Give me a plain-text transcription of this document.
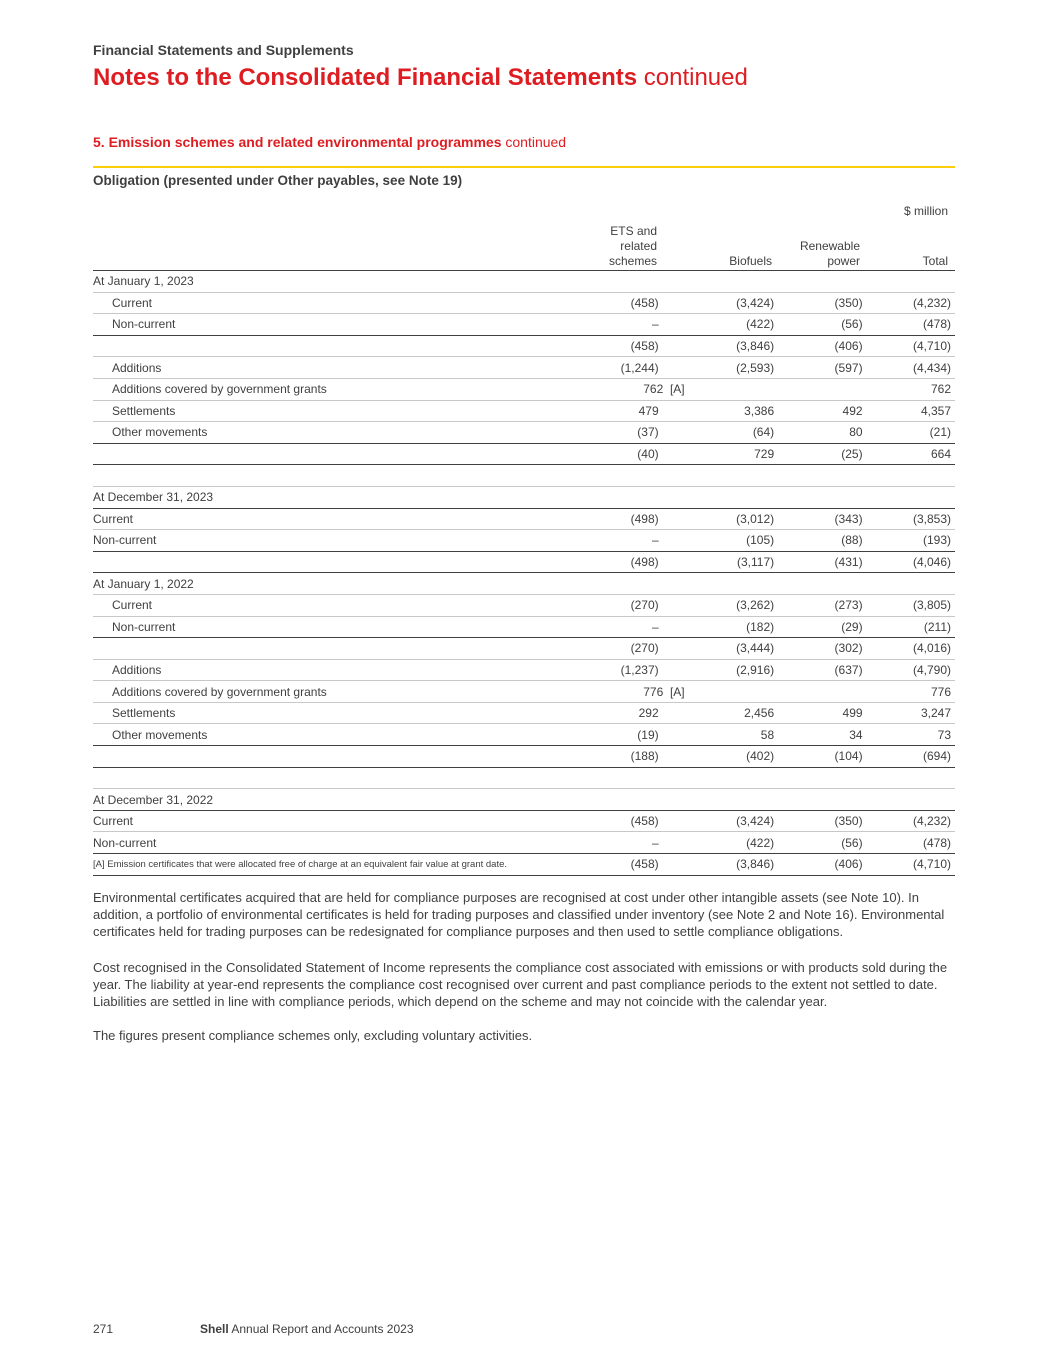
Financial Statements and Supplements
Notes to the Consolidated Financial Statements continued
5. Emission schemes and related environmental programmes continued
Obligation (presented under Other payables, see Note 19)
$ million
ETS and
related
schemes	Biofuels
Renewable
power	Total
At January 1, 2023				
Current	(458)	(3,424)	(350)	(4,232)
Non-current	–	(422)	(56)	(478)
	(458)	(3,846)	(406)	(4,710)
Additions	(1,244)	(2,593)	(597)	(4,434)
Additions covered by government grants	762 [A]			762
Settlements	479	3,386	492	4,357
Other movements	(37)	(64)	80	(21)
	(40)	729	(25)	664

At December 31, 2023				
Current	(498)	(3,012)	(343)	(3,853)
Non-current	–	(105)	(88)	(193)
	(498)	(3,117)	(431)	(4,046)
At January 1, 2022				
Current	(270)	(3,262)	(273)	(3,805)
Non-current	–	(182)	(29)	(211)
	(270)	(3,444)	(302)	(4,016)
Additions	(1,237)	(2,916)	(637)	(4,790)
Additions covered by government grants	776 [A]			776
Settlements	292	2,456	499	3,247
Other movements	(19)	58	34	73
	(188)	(402)	(104)	(694)

At December 31, 2022				
Current	(458)	(3,424)	(350)	(4,232)
Non-current	–	(422)	(56)	(478)
	(458)	(3,846)	(406)	(4,710)
[A] Emission certificates that were allocated free of charge at an equivalent fair value at grant date.
Environmental certificates acquired that are held for compliance purposes are recognised at cost under other intangible assets (see Note 10). In addition, a portfolio of environmental certificates is held for trading purposes and classified under inventory (see Note 2 and Note 16). Environmental certificates held for trading purposes can be redesignated for compliance purposes and then used to settle compliance obligations.
Cost recognised in the Consolidated Statement of Income represents the compliance cost associated with emissions or with products sold during the year. The liability at year-end represents the compliance cost recognised over current and past compliance periods to the extent not settled to date. Liabilities are settled in line with compliance periods, which depend on the scheme and may not coincide with the calendar year.
The figures present compliance schemes only, excluding voluntary activities.
271	Shell Annual Report and Accounts 2023
